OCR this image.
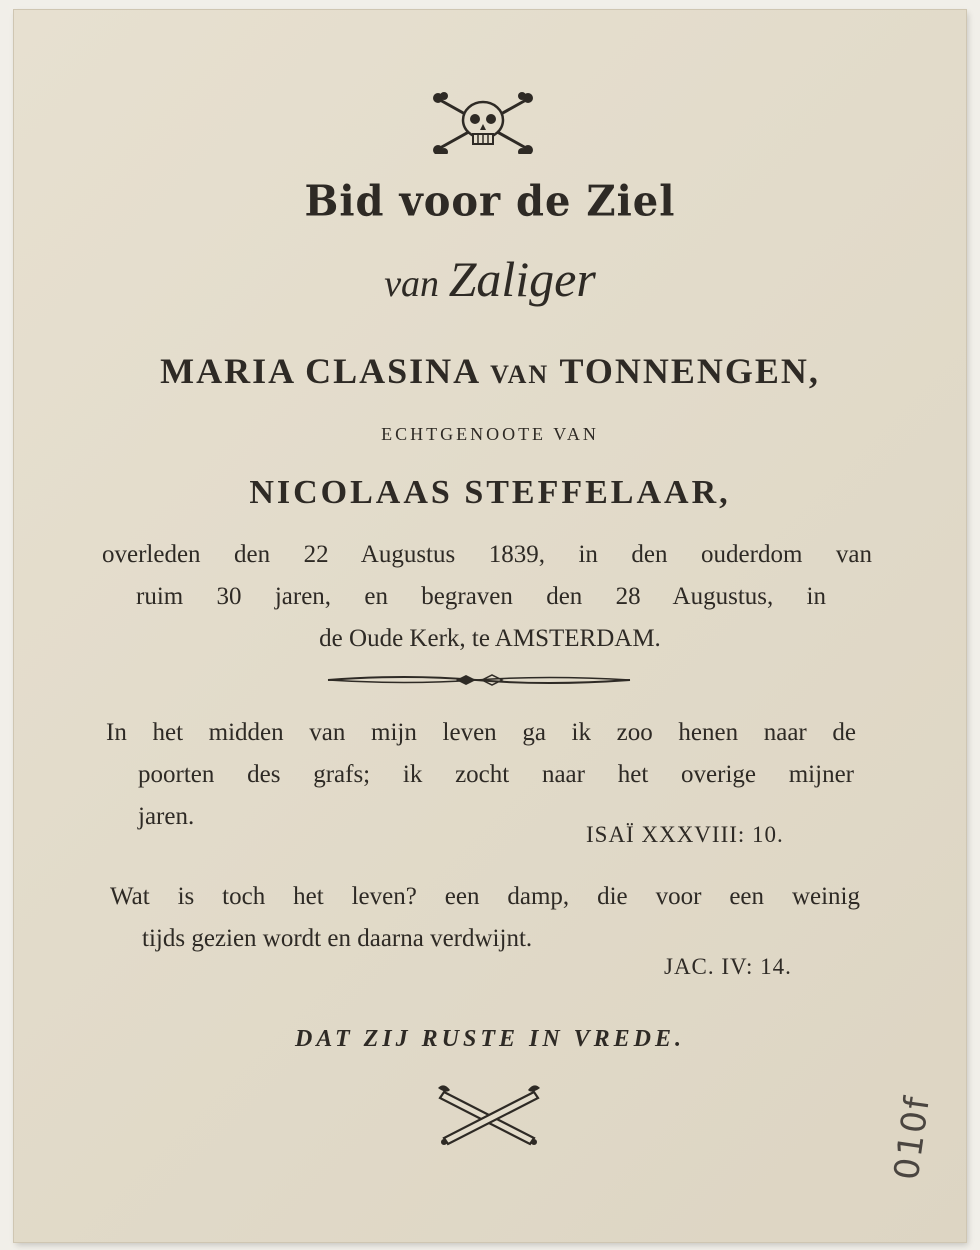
Bid voor de Ziel
van Zaliger
MARIA CLASINA VAN TONNENGEN,
ECHTGENOOTE VAN
NICOLAAS STEFFELAAR,
overleden den 22 Augustus 1839, in den ouderdom van
ruim 30 jaren, en begraven den 28 Augustus, in
de Oude Kerk, te AMSTERDAM.
In het midden van mijn leven ga ik zoo henen naar de
poorten des grafs; ik zocht naar het overige mijner
jaren.
ISAÏ XXXVIII: 10.
Wat is toch het leven? een damp, die voor een weinig
tijds gezien wordt en daarna verdwijnt.
JAC. IV: 14.
DAT ZIJ RUSTE IN VREDE.
010f
